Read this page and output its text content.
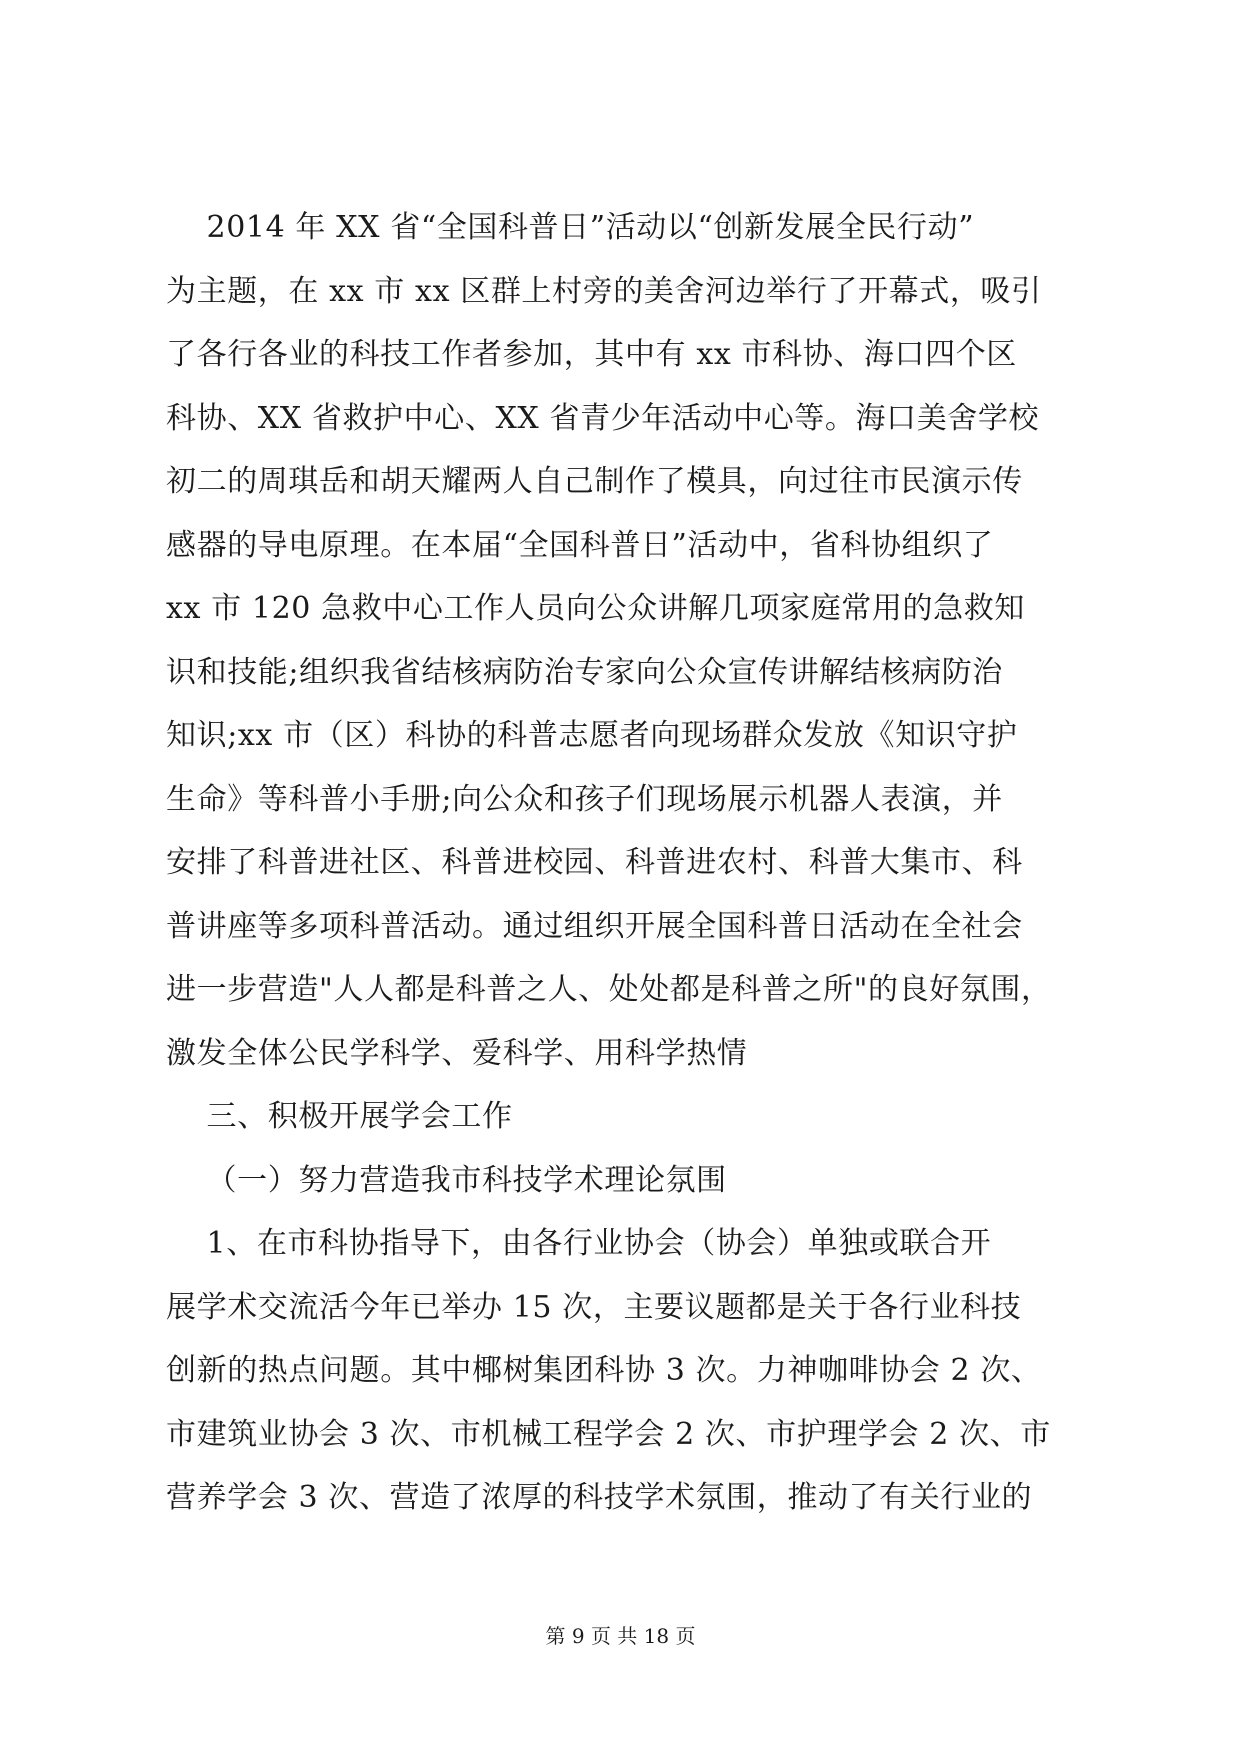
2014 年 XX 省“全国科普日”活动以“创新发展全民行动”
为主题，在 xx 市 xx 区群上村旁的美舍河边举行了开幕式，吸引
了各行各业的科技工作者参加，其中有 xx 市科协、海口四个区
科协、XX 省救护中心、XX 省青少年活动中心等。海口美舍学校
初二的周琪岳和胡天耀两人自己制作了模具，向过往市民演示传
感器的导电原理。在本届“全国科普日”活动中，省科协组织了
xx 市 120 急救中心工作人员向公众讲解几项家庭常用的急救知
识和技能;组织我省结核病防治专家向公众宣传讲解结核病防治
知识;xx 市（区）科协的科普志愿者向现场群众发放《知识守护
生命》等科普小手册;向公众和孩子们现场展示机器人表演，并
安排了科普进社区、科普进校园、科普进农村、科普大集市、科
普讲座等多项科普活动。通过组织开展全国科普日活动在全社会
进一步营造"人人都是科普之人、处处都是科普之所"的良好氛围，
激发全体公民学科学、爱科学、用科学热情
三、积极开展学会工作
（一）努力营造我市科技学术理论氛围
1、在市科协指导下，由各行业协会（协会）单独或联合开
展学术交流活今年已举办 15 次，主要议题都是关于各行业科技
创新的热点问题。其中椰树集团科协 3 次。力神咖啡协会 2 次、
市建筑业协会 3 次、市机械工程学会 2 次、市护理学会 2 次、市
营养学会 3 次、营造了浓厚的科技学术氛围，推动了有关行业的
第 9 页 共 18 页
